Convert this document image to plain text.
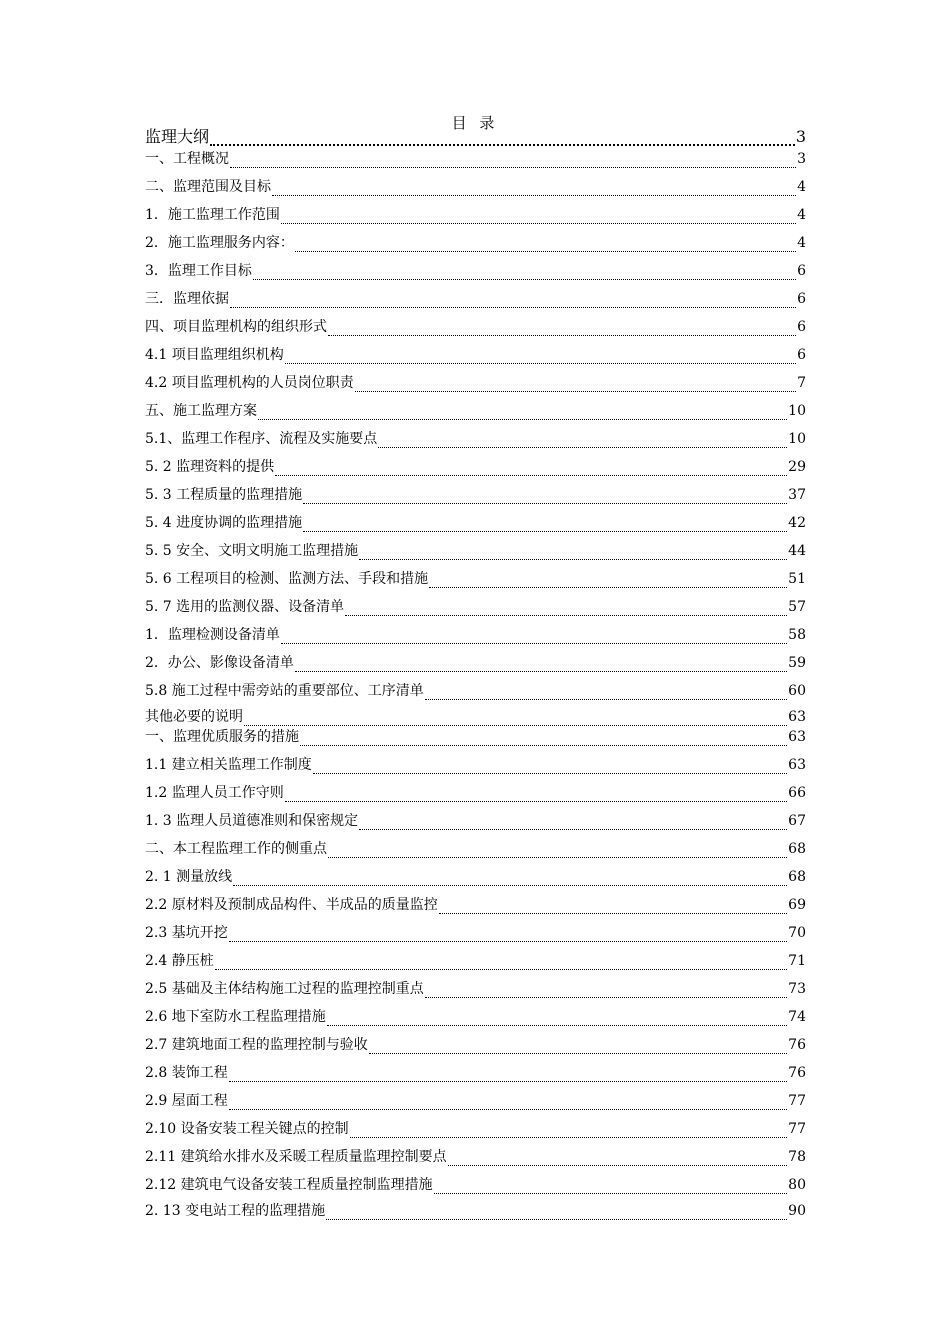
目 录
监理大纲	3
一、工程概况	3
二、监理范围及目标	4
1．施工监理工作范围	4
2．施工监理服务内容：	4
3．监理工作目标	6
三．监理依据	6
四、项目监理机构的组织形式	6
4.1 项目监理组织机构	6
4.2 项目监理机构的人员岗位职责	7
五、施工监理方案	10
5.1、监理工作程序、流程及实施要点	10
5. 2 监理资料的提供	29
5. 3 工程质量的监理措施	37
5. 4 进度协调的监理措施	42
5. 5 安全、文明文明施工监理措施	44
5. 6 工程项目的检测、监测方法、手段和措施	51
5. 7 选用的监测仪器、设备清单	57
1．监理检测设备清单	58
2．办公、影像设备清单	59
5.8 施工过程中需旁站的重要部位、工序清单	60
其他必要的说明	63
一、监理优质服务的措施	63
1.1 建立相关监理工作制度	63
1.2 监理人员工作守则	66
1. 3 监理人员道德准则和保密规定	67
二、本工程监理工作的侧重点	68
2. 1 测量放线	68
2.2 原材料及预制成品构件、半成品的质量监控	69
2.3 基坑开挖	70
2.4 静压桩	71
2.5 基础及主体结构施工过程的监理控制重点	73
2.6 地下室防水工程监理措施	74
2.7 建筑地面工程的监理控制与验收	76
2.8 装饰工程	76
2.9 屋面工程	77
2.10 设备安装工程关键点的控制	77
2.11 建筑给水排水及采暖工程质量监理控制要点	78
2.12 建筑电气设备安装工程质量控制监理措施	80
2. 13 变电站工程的监理措施	90
